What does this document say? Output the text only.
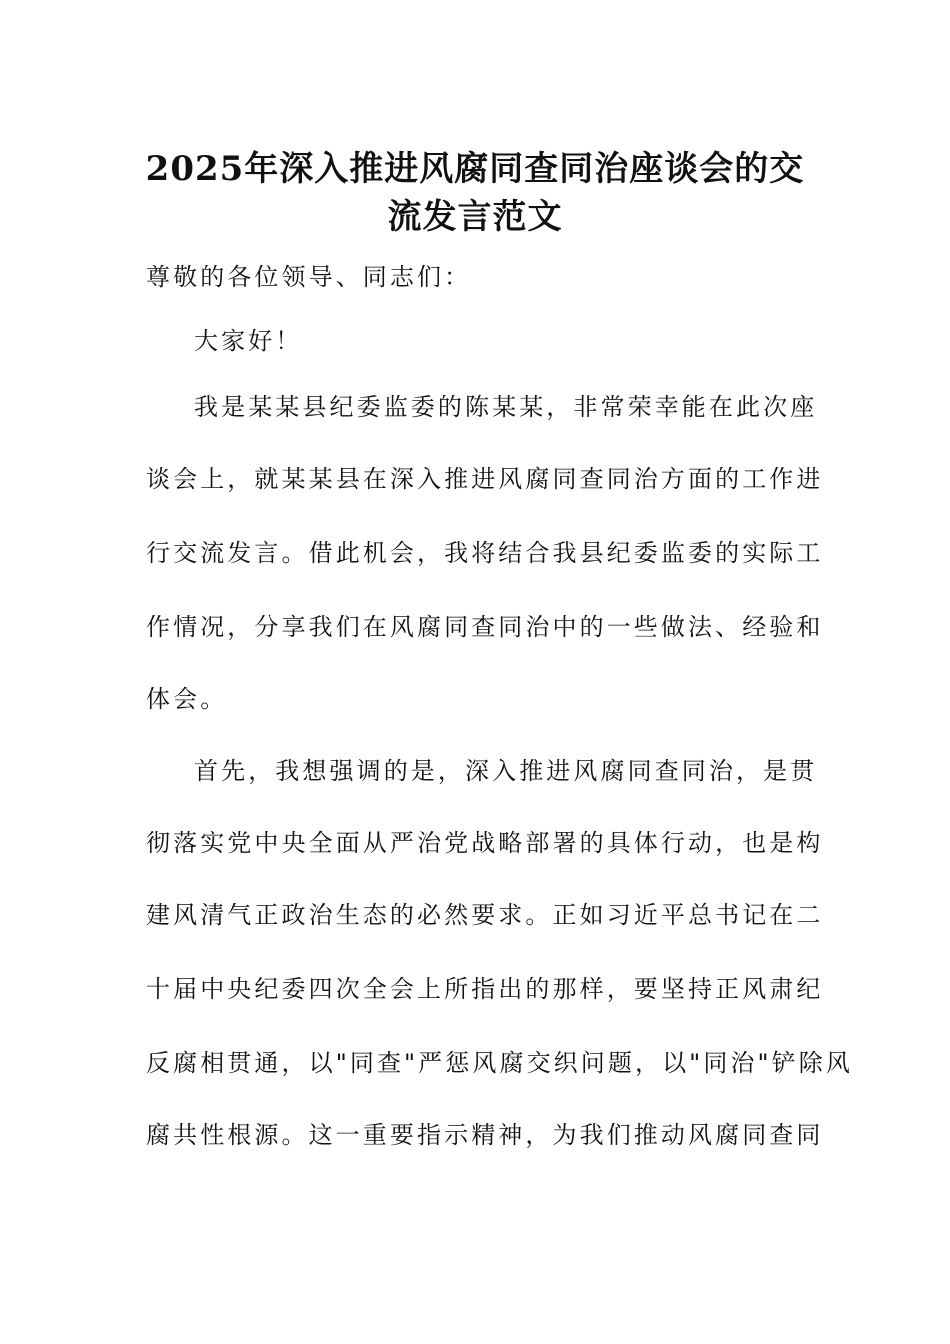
2025年深入推进风腐同查同治座谈会的交
流发言范文

尊敬的各位领导、同志们：

大家好！

我是某某县纪委监委的陈某某，非常荣幸能在此次座

谈会上，就某某县在深入推进风腐同查同治方面的工作进

行交流发言。借此机会，我将结合我县纪委监委的实际工

作情况，分享我们在风腐同查同治中的一些做法、经验和

体会。

首先，我想强调的是，深入推进风腐同查同治，是贯

彻落实党中央全面从严治党战略部署的具体行动，也是构

建风清气正政治生态的必然要求。正如习近平总书记在二

十届中央纪委四次全会上所指出的那样，要坚持正风肃纪

反腐相贯通，以"同查"严惩风腐交织问题，以"同治"铲除风

腐共性根源。这一重要指示精神，为我们推动风腐同查同
